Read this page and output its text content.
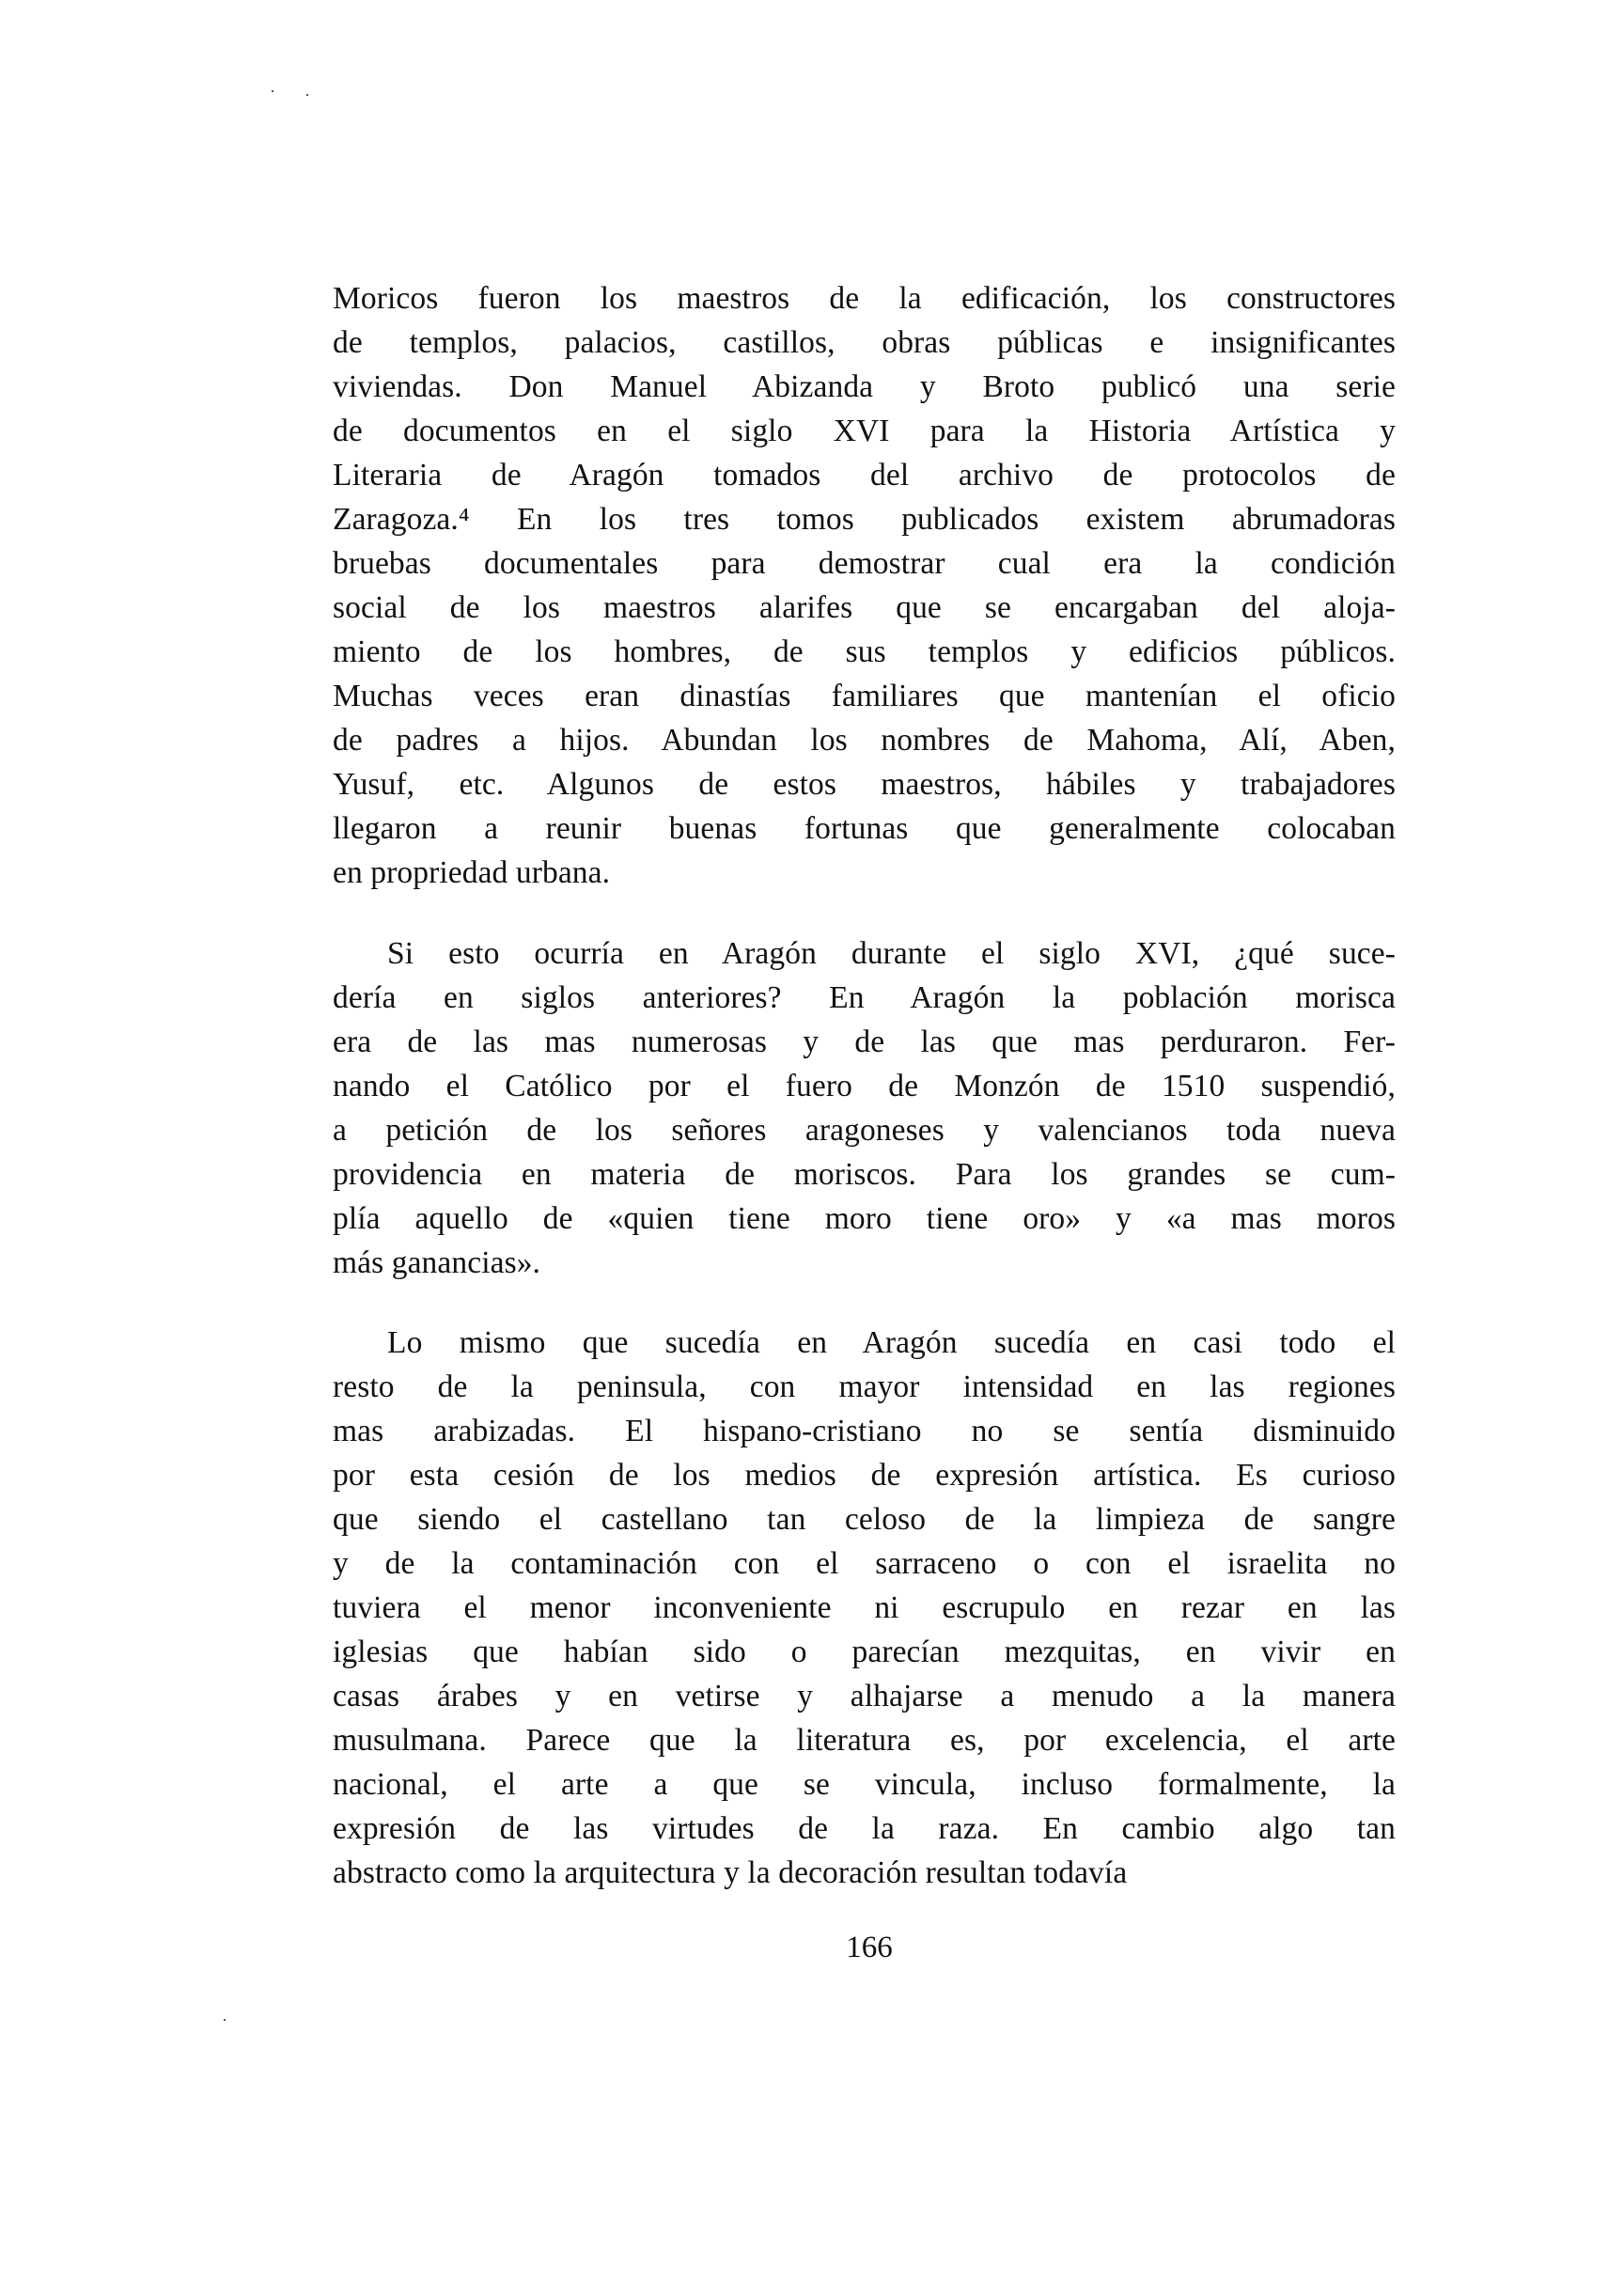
Moricos fueron los maestros de la edificación, los constructores
de templos, palacios, castillos, obras públicas e insignificantes
viviendas. Don Manuel Abizanda y Broto publicó una serie
de documentos en el siglo XVI para la Historia Artística y
Literaria de Aragón tomados del archivo de protocolos de
Zaragoza.⁴ En los tres tomos publicados existem abrumadoras
bruebas documentales para demostrar cual era la condición
social de los maestros alarifes que se encargaban del aloja-
miento de los hombres, de sus templos y edificios públicos.
Muchas veces eran dinastías familiares que mantenían el oficio
de padres a hijos. Abundan los nombres de Mahoma, Alí, Aben,
Yusuf, etc. Algunos de estos maestros, hábiles y trabajadores
llegaron a reunir buenas fortunas que generalmente colocaban
en propriedad urbana.
Si esto ocurría en Aragón durante el siglo XVI, ¿qué suce-
dería en siglos anteriores? En Aragón la población morisca
era de las mas numerosas y de las que mas perduraron. Fer-
nando el Católico por el fuero de Monzón de 1510 suspendió,
a petición de los señores aragoneses y valencianos toda nueva
providencia en materia de moriscos. Para los grandes se cum-
plía aquello de «quien tiene moro tiene oro» y «a mas moros
más ganancias».
Lo mismo que sucedía en Aragón sucedía en casi todo el
resto de la peninsula, con mayor intensidad en las regiones
mas arabizadas. El hispano-cristiano no se sentía disminuido
por esta cesión de los medios de expresión artística. Es curioso
que siendo el castellano tan celoso de la limpieza de sangre
y de la contaminación con el sarraceno o con el israelita no
tuviera el menor inconveniente ni escrupulo en rezar en las
iglesias que habían sido o parecían mezquitas, en vivir en
casas árabes y en vetirse y alhajarse a menudo a la manera
musulmana. Parece que la literatura es, por excelencia, el arte
nacional, el arte a que se vincula, incluso formalmente, la
expresión de las virtudes de la raza. En cambio algo tan
abstracto como la arquitectura y la decoración resultan todavía
166
